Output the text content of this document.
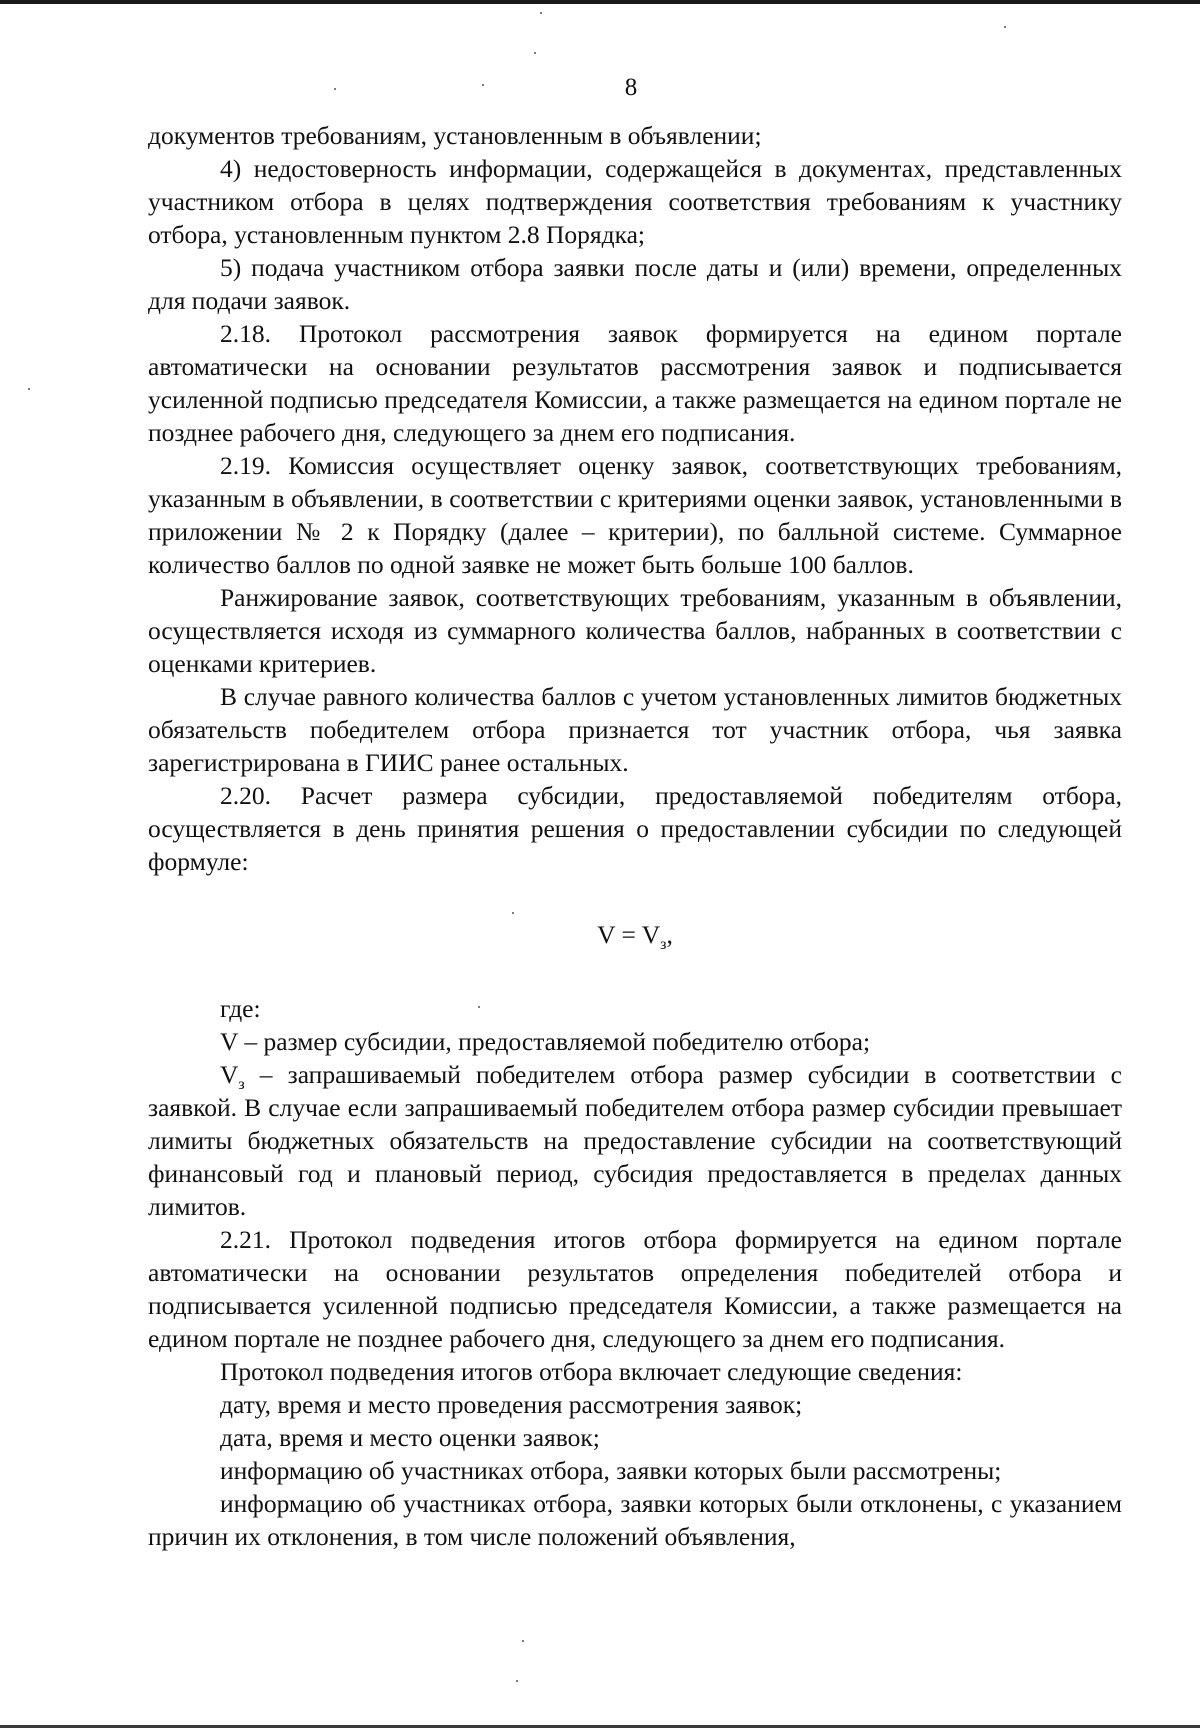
8

документов требованиям, установленным в объявлении;

4) недостоверность информации, содержащейся в документах, представленных участником отбора в целях подтверждения соответствия требованиям к участнику отбора, установленным пунктом 2.8 Порядка;

5) подача участником отбора заявки после даты и (или) времени, определенных для подачи заявок.

2.18. Протокол рассмотрения заявок формируется на едином портале автоматически на основании результатов рассмотрения заявок и подписывается усиленной подписью председателя Комиссии, а также размещается на едином портале не позднее рабочего дня, следующего за днем его подписания.

2.19. Комиссия осуществляет оценку заявок, соответствующих требованиям, указанным в объявлении, в соответствии с критериями оценки заявок, установленными в приложении № 2 к Порядку (далее – критерии), по балльной системе. Суммарное количество баллов по одной заявке не может быть больше 100 баллов.

Ранжирование заявок, соответствующих требованиям, указанным в объявлении, осуществляется исходя из суммарного количества баллов, набранных в соответствии с оценками критериев.

В случае равного количества баллов с учетом установленных лимитов бюджетных обязательств победителем отбора признается тот участник отбора, чья заявка зарегистрирована в ГИИС ранее остальных.

2.20. Расчет размера субсидии, предоставляемой победителям отбора, осуществляется в день принятия решения о предоставлении субсидии по следующей формуле:

$V = V_з$,

где:

V – размер субсидии, предоставляемой победителю отбора;

$V_з$ – запрашиваемый победителем отбора размер субсидии в соответствии с заявкой. В случае если запрашиваемый победителем отбора размер субсидии превышает лимиты бюджетных обязательств на предоставление субсидии на соответствующий финансовый год и плановый период, субсидия предоставляется в пределах данных лимитов.

2.21. Протокол подведения итогов отбора формируется на едином портале автоматически на основании результатов определения победителей отбора и подписывается усиленной подписью председателя Комиссии, а также размещается на едином портале не позднее рабочего дня, следующего за днем его подписания.

Протокол подведения итогов отбора включает следующие сведения:

дату, время и место проведения рассмотрения заявок;

дата, время и место оценки заявок;

информацию об участниках отбора, заявки которых были рассмотрены;

информацию об участниках отбора, заявки которых были отклонены, с указанием причин их отклонения, в том числе положений объявления,
